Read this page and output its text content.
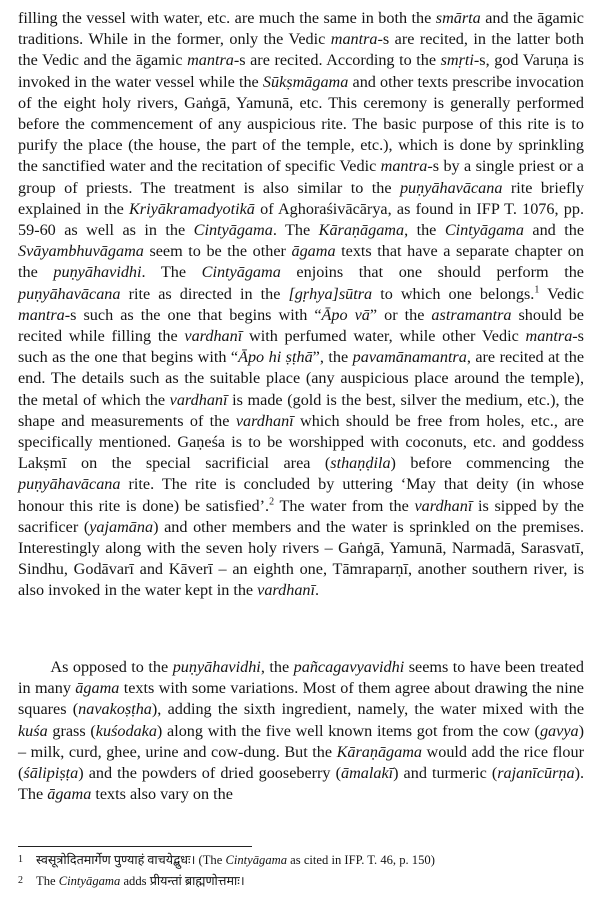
filling the vessel with water, etc. are much the same in both the smārta and the āgamic traditions. While in the former, only the Vedic mantra-s are recited, in the latter both the Vedic and the āgamic mantra-s are recited. According to the smṛti-s, god Varuṇa is invoked in the water vessel while the Sūkṣmāgama and other texts prescribe invocation of the eight holy rivers, Gaṅgā, Yamunā, etc. This ceremony is generally performed before the commencement of any auspicious rite. The basic purpose of this rite is to purify the place (the house, the part of the temple, etc.), which is done by sprinkling the sanctified water and the recitation of specific Vedic mantra-s by a single priest or a group of priests. The treatment is also similar to the puṇyāhavācana rite briefly explained in the Kriyākramadyotikā of Aghoraśivācārya, as found in IFP T. 1076, pp. 59-60 as well as in the Cintyāgama. The Kāraṇāgama, the Cintyāgama and the Svāyambhuvāgama seem to be the other āgama texts that have a separate chapter on the puṇyāhavidhi. The Cintyāgama enjoins that one should perform the puṇyāhavācana rite as directed in the [gṛhya]sūtra to which one belongs.$^1$ Vedic mantra-s such as the one that begins with “Āpo vā” or the astramantra should be recited while filling the vardhanī with perfumed water, while other Vedic mantra-s such as the one that begins with “Āpo hi ṣṭhā”, the pavamānamantra, are recited at the end. The details such as the suitable place (any auspicious place around the temple), the metal of which the vardhanī is made (gold is the best, silver the medium, etc.), the shape and measurements of the vardhanī which should be free from holes, etc., are specifically mentioned. Gaṇeśa is to be worshipped with coconuts, etc. and goddess Lakṣmī on the special sacrificial area (sthaṇḍila) before commencing the puṇyāhavācana rite. The rite is concluded by uttering ‘May that deity (in whose honour this rite is done) be satisfied’.$^2$ The water from the vardhanī is sipped by the sacrificer (yajamāna) and other members and the water is sprinkled on the premises. Interestingly along with the seven holy rivers – Gaṅgā, Yamunā, Narmadā, Sarasvatī, Sindhu, Godāvarī and Kāverī – an eighth one, Tāmraparṇī, another southern river, is also invoked in the water kept in the vardhanī.

  As opposed to the puṇyāhavidhi, the pañcagavyavidhi seems to have been treated in many āgama texts with some variations. Most of them agree about drawing the nine squares (navakoṣṭha), adding the sixth ingredient, namely, the water mixed with the kuśa grass (kuśodaka) along with the five well known items got from the cow (gavya) – milk, curd, ghee, urine and cow-dung. But the Kāraṇāgama would add the rice flour (śālipiṣṭa) and the powders of dried gooseberry (āmalakī) and turmeric (rajanīcūrṇa). The āgama texts also vary on the

1 स्वसूत्रोदितमार्गेण पुण्याहं वाचयेद्बुधः। (The Cintyāgama as cited in IFP. T. 46, p. 150)
2 The Cintyāgama adds प्रीयन्तां ब्राह्मणोत्तमाः।
